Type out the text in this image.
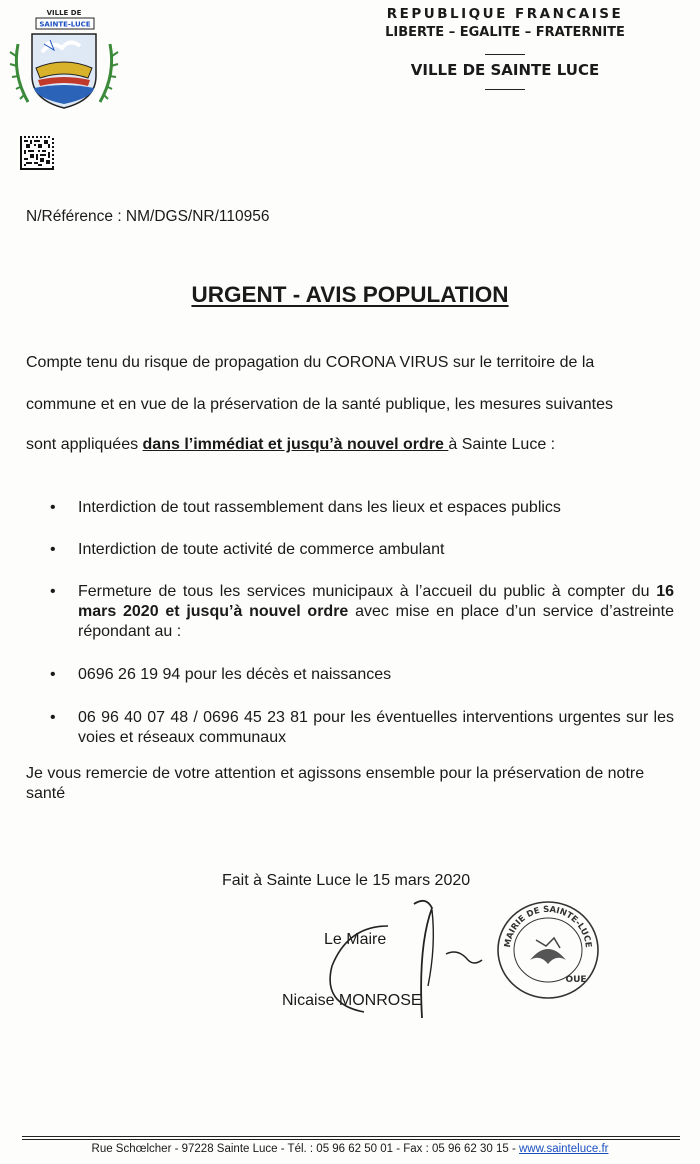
VILLE DE
SAINTE-LUCE
REPUBLIQUE FRANCAISE
LIBERTE – EGALITE – FRATERNITE
VILLE DE SAINTE LUCE
N/Référence : NM/DGS/NR/110956
URGENT - AVIS POPULATION
Compte tenu du risque de propagation du CORONA VIRUS sur le territoire de la
commune et en vue de la préservation de la santé publique, les mesures suivantes
sont appliquées dans l’immédiat et jusqu’à nouvel ordre à Sainte Luce :
• Interdiction de tout rassemblement dans les lieux et espaces publics
• Interdiction de toute activité de commerce ambulant
• Fermeture de tous les services municipaux à l’accueil du public à compter du 16 mars 2020 et jusqu’à nouvel ordre avec mise en place d’un service d’astreinte répondant au :
• 0696 26 19 94 pour les décès et naissances
• 06 96 40 07 48 / 0696 45 23 81 pour les éventuelles interventions urgentes sur les voies et réseaux communaux
Je vous remercie de votre attention et agissons ensemble pour la préservation de notre santé
Fait à Sainte Luce le 15 mars 2020
Le Maire
Nicaise MONROSE
MAIRIE DE SAINTE-LUCE
OUE
Rue Schœlcher - 97228 Sainte Luce - Tél. : 05 96 62 50 01 - Fax : 05 96 62 30 15 - www.sainteluce.fr
